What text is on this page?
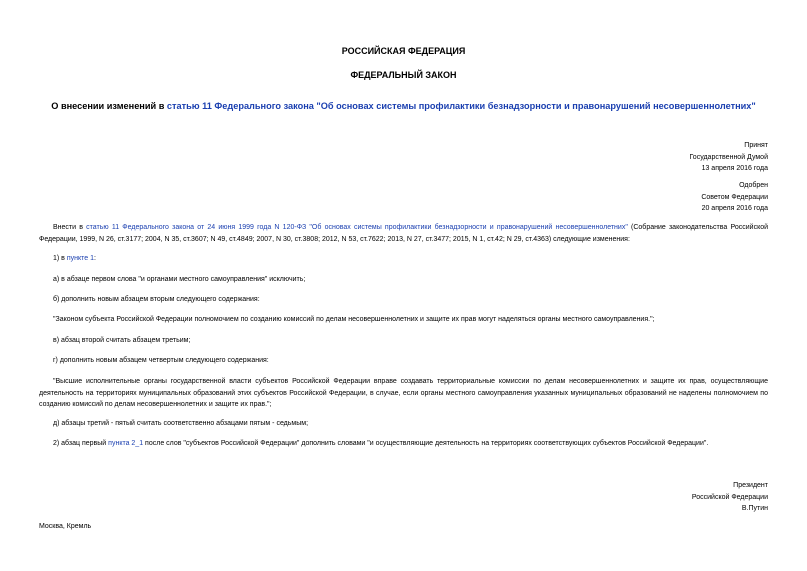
РОССИЙСКАЯ ФЕДЕРАЦИЯ
ФЕДЕРАЛЬНЫЙ ЗАКОН
О внесении изменений в статью 11 Федерального закона "Об основах системы профилактики безнадзорности и правонарушений несовершеннолетних"
Принят
Государственной Думой
13 апреля 2016 года
Одобрен
Советом Федерации
20 апреля 2016 года
Внести в статью 11 Федерального закона от 24 июня 1999 года N 120-ФЗ "Об основах системы профилактики безнадзорности и правонарушений несовершеннолетних" (Собрание законодательства Российской Федерации, 1999, N 26, ст.3177; 2004, N 35, ст.3607; N 49, ст.4849; 2007, N 30, ст.3808; 2012, N 53, ст.7622; 2013, N 27, ст.3477; 2015, N 1, ст.42; N 29, ст.4363) следующие изменения:
1) в пункте 1:
а) в абзаце первом слова "и органами местного самоуправления" исключить;
б) дополнить новым абзацем вторым следующего содержания:
"Законом субъекта Российской Федерации полномочием по созданию комиссий по делам несовершеннолетних и защите их прав могут наделяться органы местного самоуправления.";
в) абзац второй считать абзацем третьим;
г) дополнить новым абзацем четвертым следующего содержания:
"Высшие исполнительные органы государственной власти субъектов Российской Федерации вправе создавать территориальные комиссии по делам несовершеннолетних и защите их прав, осуществляющие деятельность на территориях муниципальных образований этих субъектов Российской Федерации, в случае, если органы местного самоуправления указанных муниципальных образований не наделены полномочием по созданию комиссий по делам несовершеннолетних и защите их прав.";
д) абзацы третий - пятый считать соответственно абзацами пятым - седьмым;
2) абзац первый пункта 2_1 после слов "субъектов Российской Федерации" дополнить словами "и осуществляющие деятельность на территориях соответствующих субъектов Российской Федерации".
Президент
Российской Федерации
В.Путин
Москва, Кремль
